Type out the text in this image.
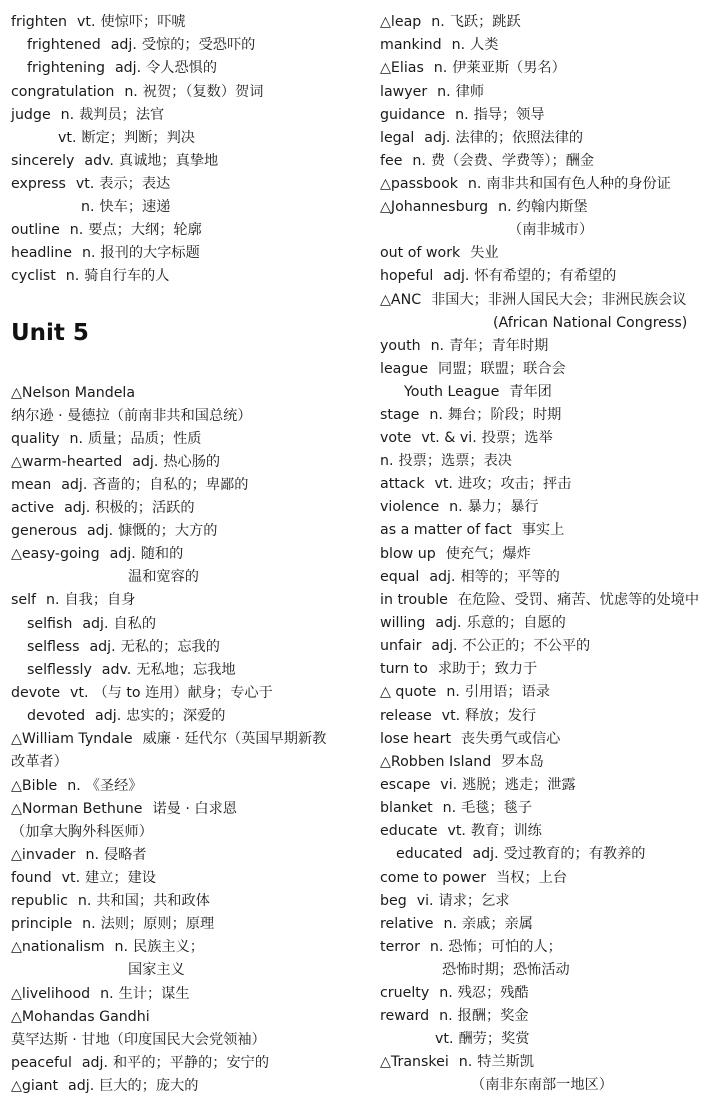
Unit 5
frighten vt. 使惊吓；吓唬
frightened adj. 受惊的；受恐吓的
frightening adj. 令人恐惧的
congratulation n. 祝贺；（复数）贺词
judge n. 裁判员；法官
vt. 断定；判断；判决
sincerely adv. 真诚地；真挚地
express vt. 表示；表达
n. 快车；速递
outline n. 要点；大纲；轮廓
headline n. 报刊的大字标题
cyclist n. 骑自行车的人
△Nelson Mandela
纳尔逊 · 曼德拉（前南非共和国总统）
quality n. 质量；品质；性质
△warm-hearted adj. 热心肠的
mean adj. 吝啬的；自私的；卑鄙的
active adj. 积极的；活跃的
generous adj. 慷慨的；大方的
△easy-going adj. 随和的
温和宽容的
self n. 自我；自身
selfish adj. 自私的
selfless adj. 无私的；忘我的
selflessly adv. 无私地；忘我地
devote vt. （与 to 连用）献身；专心于
devoted adj. 忠实的；深爱的
△William Tyndale 威廉 · 廷代尔（英国早期新教
改革者）
△Bible n. 《圣经》
△Norman Bethune 诺曼 · 白求恩
（加拿大胸外科医师）
△invader n. 侵略者
found vt. 建立；建设
republic n. 共和国；共和政体
principle n. 法则；原则；原理
△nationalism n. 民族主义；
国家主义
△livelihood n. 生计；谋生
△Mohandas Gandhi
莫罕达斯 · 甘地（印度国民大会党领袖）
peaceful adj. 和平的；平静的；安宁的
△giant adj. 巨大的；庞大的
△leap n. 飞跃；跳跃
mankind n. 人类
△Elias n. 伊莱亚斯（男名）
lawyer n. 律师
guidance n. 指导；领导
legal adj. 法律的；依照法律的
fee n. 费（会费、学费等）；酬金
△passbook n. 南非共和国有色人种的身份证
△Johannesburg n. 约翰内斯堡
（南非城市）
out of work 失业
hopeful adj. 怀有希望的；有希望的
△ANC 非国大；非洲人国民大会；非洲民族会议
(African National Congress)
youth n. 青年；青年时期
league 同盟；联盟；联合会
Youth League 青年团
stage n. 舞台；阶段；时期
vote vt. & vi. 投票；选举
n. 投票；选票；表决
attack vt. 进攻；攻击；抨击
violence n. 暴力；暴行
as a matter of fact 事实上
blow up 使充气；爆炸
equal adj. 相等的；平等的
in trouble 在危险、受罚、痛苦、忧虑等的处境中
willing adj. 乐意的；自愿的
unfair adj. 不公正的；不公平的
turn to 求助于；致力于
△ quote n. 引用语；语录
release vt. 释放；发行
lose heart 丧失勇气或信心
△Robben Island 罗本岛
escape vi. 逃脱；逃走；泄露
blanket n. 毛毯；毯子
educate vt. 教育；训练
educated adj. 受过教育的；有教养的
come to power 当权；上台
beg vi. 请求；乞求
relative n. 亲戚；亲属
terror n. 恐怖；可怕的人；
恐怖时期；恐怖活动
cruelty n. 残忍；残酷
reward n. 报酬；奖金
vt. 酬劳；奖赏
△Transkei n. 特兰斯凯
（南非东南部一地区）
